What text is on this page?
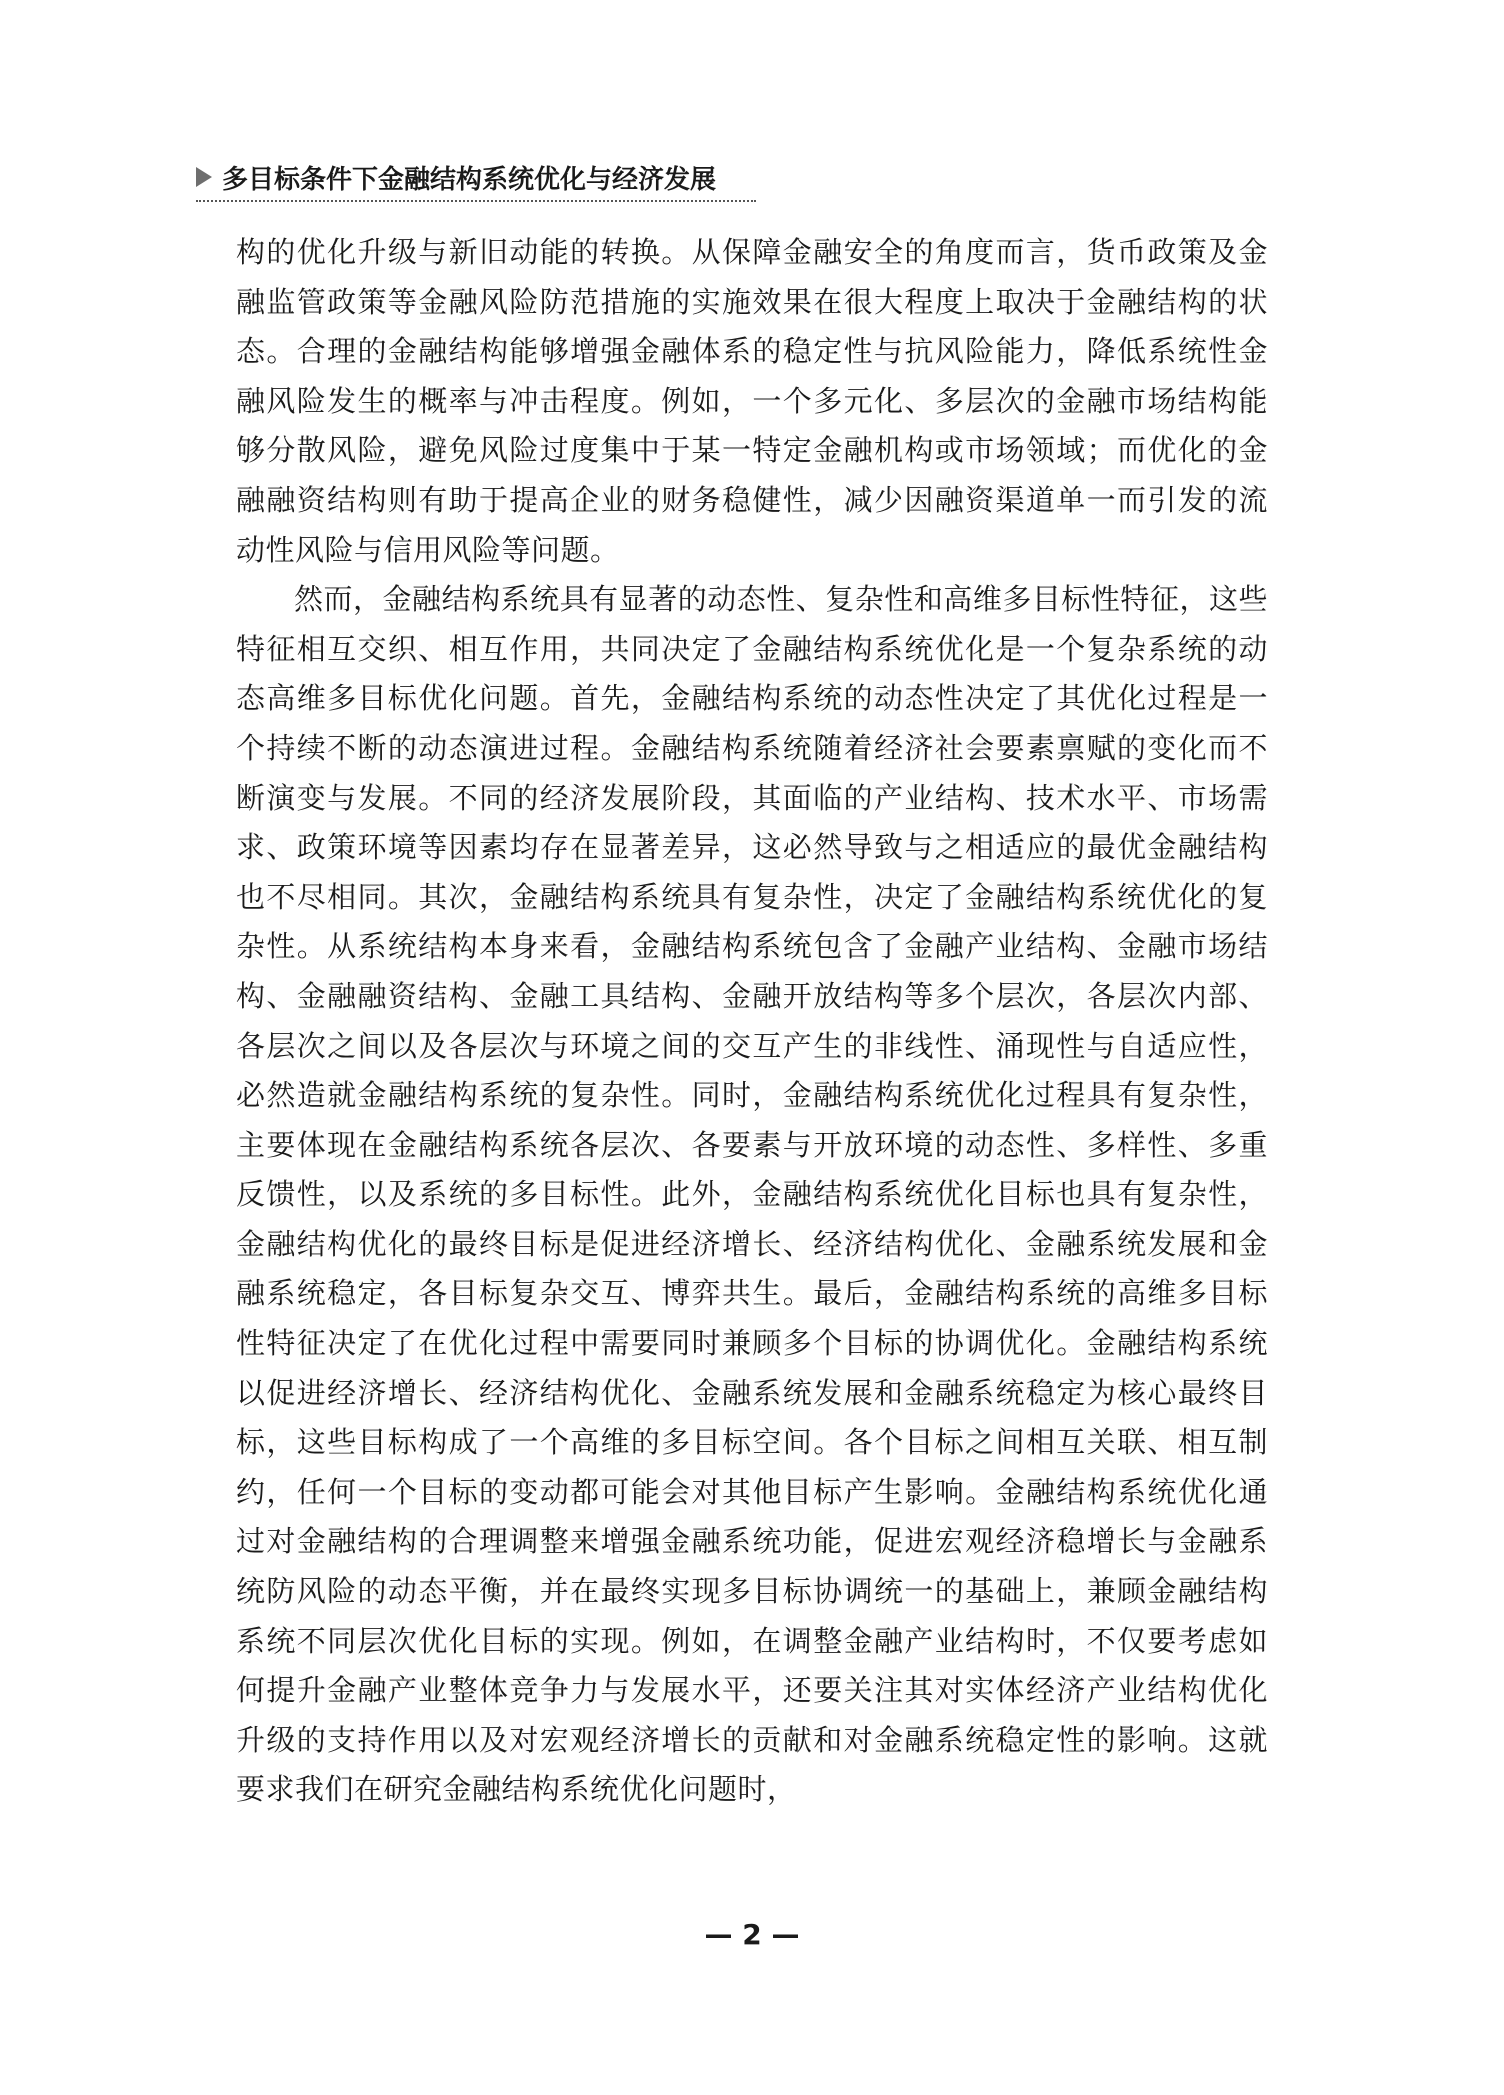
多目标条件下金融结构系统优化与经济发展

构的优化升级与新旧动能的转换。从保障金融安全的角度而言，货币政策及金融监管政策等金融风险防范措施的实施效果在很大程度上取决于金融结构的状态。合理的金融结构能够增强金融体系的稳定性与抗风险能力，降低系统性金融风险发生的概率与冲击程度。例如，一个多元化、多层次的金融市场结构能够分散风险，避免风险过度集中于某一特定金融机构或市场领域；而优化的金融融资结构则有助于提高企业的财务稳健性，减少因融资渠道单一而引发的流动性风险与信用风险等问题。

然而，金融结构系统具有显著的动态性、复杂性和高维多目标性特征，这些特征相互交织、相互作用，共同决定了金融结构系统优化是一个复杂系统的动态高维多目标优化问题。首先，金融结构系统的动态性决定了其优化过程是一个持续不断的动态演进过程。金融结构系统随着经济社会要素禀赋的变化而不断演变与发展。不同的经济发展阶段，其面临的产业结构、技术水平、市场需求、政策环境等因素均存在显著差异，这必然导致与之相适应的最优金融结构也不尽相同。其次，金融结构系统具有复杂性，决定了金融结构系统优化的复杂性。从系统结构本身来看，金融结构系统包含了金融产业结构、金融市场结构、金融融资结构、金融工具结构、金融开放结构等多个层次，各层次内部、各层次之间以及各层次与环境之间的交互产生的非线性、涌现性与自适应性，必然造就金融结构系统的复杂性。同时，金融结构系统优化过程具有复杂性，主要体现在金融结构系统各层次、各要素与开放环境的动态性、多样性、多重反馈性，以及系统的多目标性。此外，金融结构系统优化目标也具有复杂性，金融结构优化的最终目标是促进经济增长、经济结构优化、金融系统发展和金融系统稳定，各目标复杂交互、博弈共生。最后，金融结构系统的高维多目标性特征决定了在优化过程中需要同时兼顾多个目标的协调优化。金融结构系统以促进经济增长、经济结构优化、金融系统发展和金融系统稳定为核心最终目标，这些目标构成了一个高维的多目标空间。各个目标之间相互关联、相互制约，任何一个目标的变动都可能会对其他目标产生影响。金融结构系统优化通过对金融结构的合理调整来增强金融系统功能，促进宏观经济稳增长与金融系统防风险的动态平衡，并在最终实现多目标协调统一的基础上，兼顾金融结构系统不同层次优化目标的实现。例如，在调整金融产业结构时，不仅要考虑如何提升金融产业整体竞争力与发展水平，还要关注其对实体经济产业结构优化升级的支持作用以及对宏观经济增长的贡献和对金融系统稳定性的影响。这就要求我们在研究金融结构系统优化问题时，

— 2 —
